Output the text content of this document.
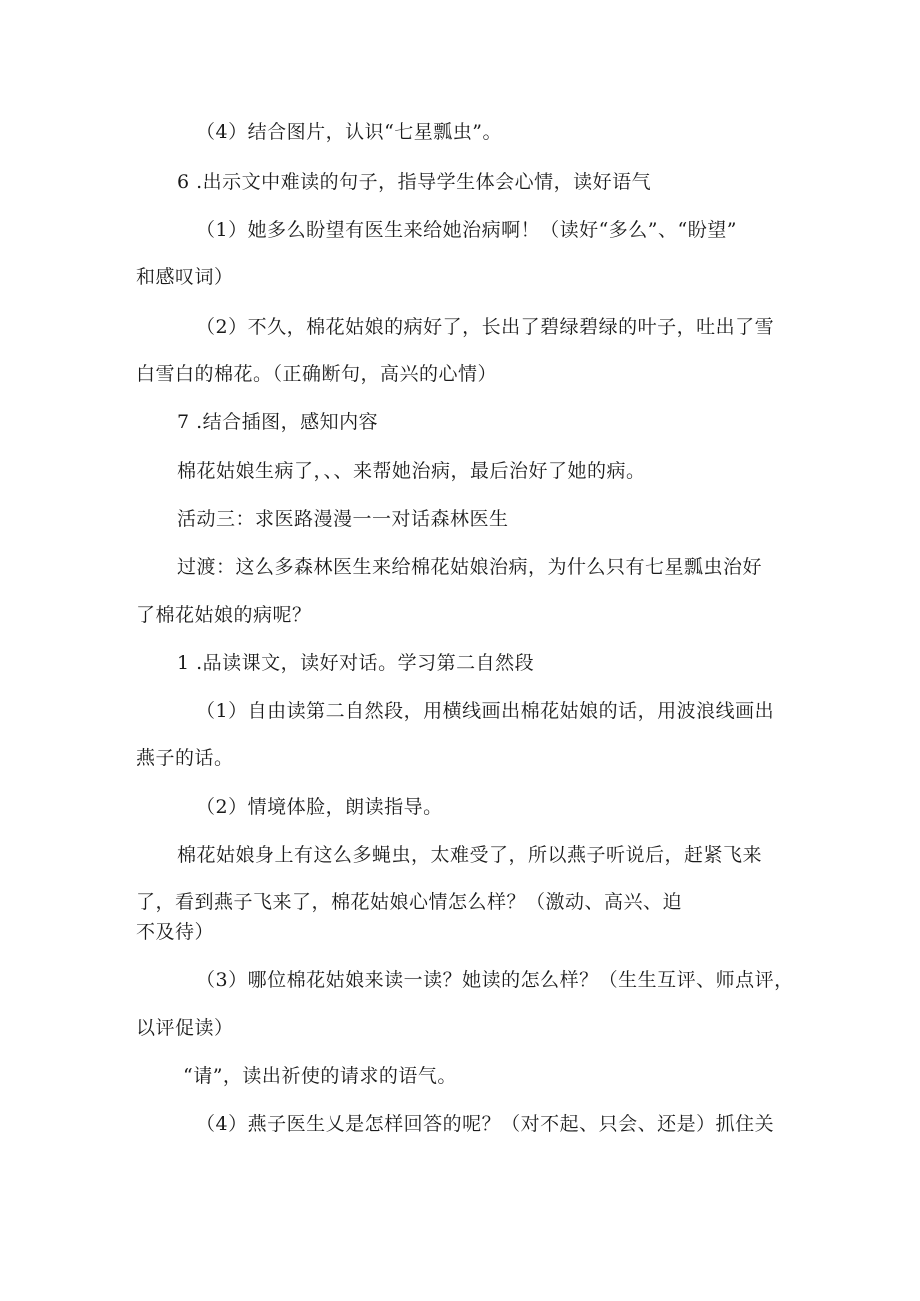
（4）结合图片，认识“七星瓢虫”。
6 .出示文中难读的句子，指导学生体会心情，读好语气
（1）她多么盼望有医生来给她治病啊！（读好“多么”、“盼望”
和感叹词）
（2）不久，棉花姑娘的病好了，长出了碧绿碧绿的叶子，吐出了雪
白雪白的棉花。（正确断句，高兴的心情）
7 .结合插图，感知内容
棉花姑娘生病了，、、来帮她治病，最后治好了她的病。
活动三：求医路漫漫一一对话森林医生
过渡：这么多森林医生来给棉花姑娘治病，为什么只有七星瓢虫治好
了棉花姑娘的病呢？
1 .品读课文，读好对话。学习第二自然段
（1）自由读第二自然段，用横线画出棉花姑娘的话，用波浪线画出
燕子的话。
（2）情境体脸，朗读指导。
棉花姑娘身上有这么多蝇虫，太难受了，所以燕子听说后，赶紧飞来
了，看到燕子飞来了，棉花姑娘心情怎么样？（激动、高兴、迫
不及待）
（3）哪位棉花姑娘来读一读？她读的怎么样？（生生互评、师点评，
以评促读）
“请”，读出祈使的请求的语气。
（4）燕子医生乂是怎样回答的呢？（对不起、只会、还是）抓住关
